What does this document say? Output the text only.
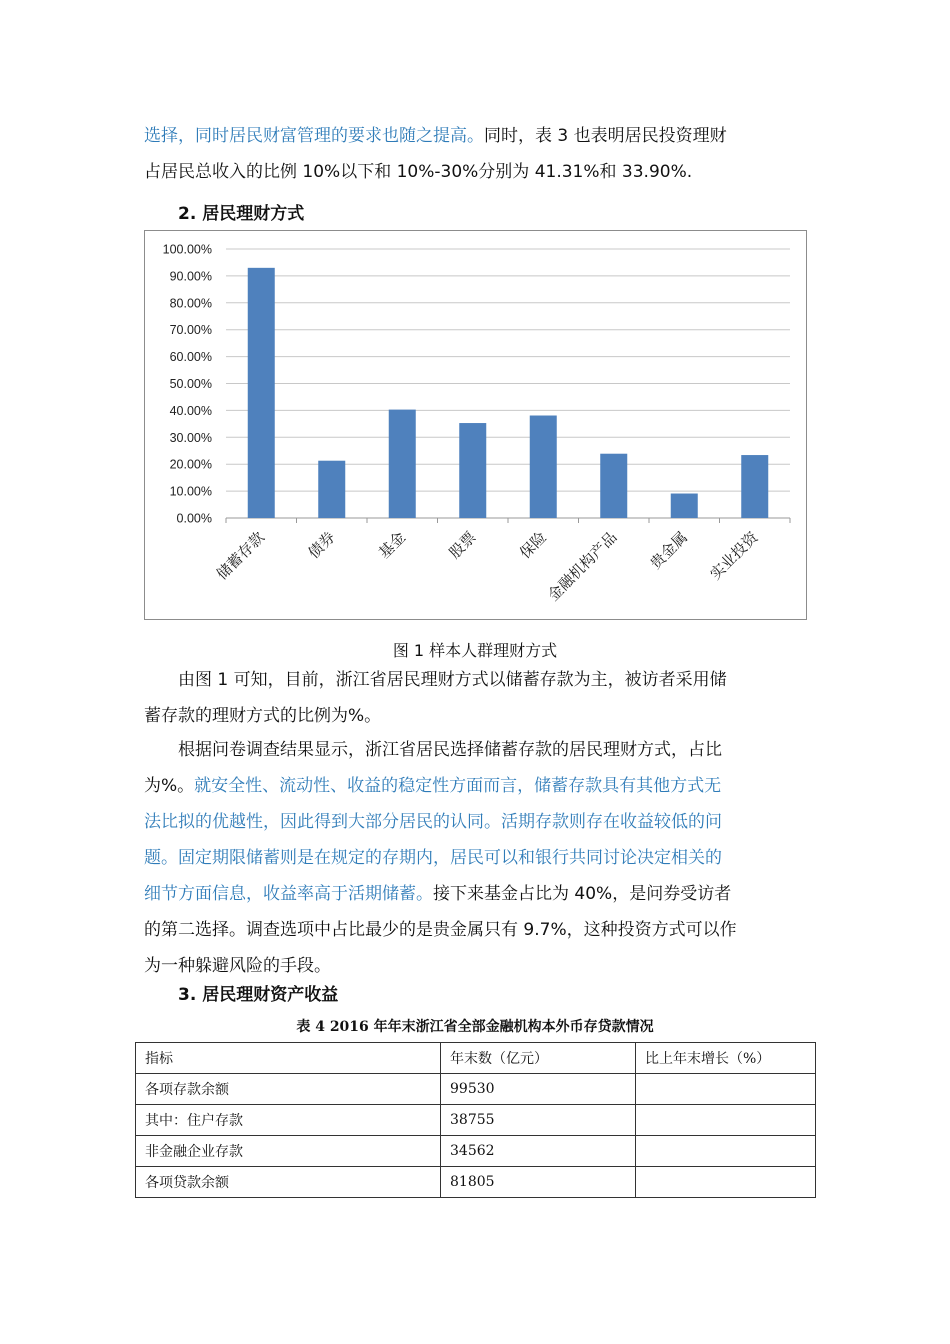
选择，同时居民财富管理的要求也随之提高。同时，表 3 也表明居民投资理财
占居民总收入的比例 10%以下和 10%-30%分别为 41.31%和 33.90%.
2. 居民理财方式
0.00%
10.00%
20.00%
30.00%
40.00%
50.00%
60.00%
70.00%
80.00%
90.00%
100.00%
储蓄存款 债券 基金 股票 保险
金融机构产品 贵金属 实业投资
图 1 样本人群理财方式
由图 1 可知，目前，浙江省居民理财方式以储蓄存款为主，被访者采用储
蓄存款的理财方式的比例为%。
根据问卷调查结果显示，浙江省居民选择储蓄存款的居民理财方式，占比
为%。就安全性、流动性、收益的稳定性方面而言，储蓄存款具有其他方式无
法比拟的优越性，因此得到大部分居民的认同。活期存款则存在收益较低的问
题。固定期限储蓄则是在规定的存期内，居民可以和银行共同讨论决定相关的
细节方面信息，收益率高于活期储蓄。接下来基金占比为 40%，是问券受访者
的第二选择。调查选项中占比最少的是贵金属只有 9.7%，这种投资方式可以作
为一种躲避风险的手段。
3. 居民理财资产收益
表 4 2016 年年末浙江省全部金融机构本外币存贷款情况
指标	年末数（亿元）	比上年末增长（%）
各项存款余额	99530	
其中：住户存款	38755	
非金融企业存款	34562	
各项贷款余额	81805	
